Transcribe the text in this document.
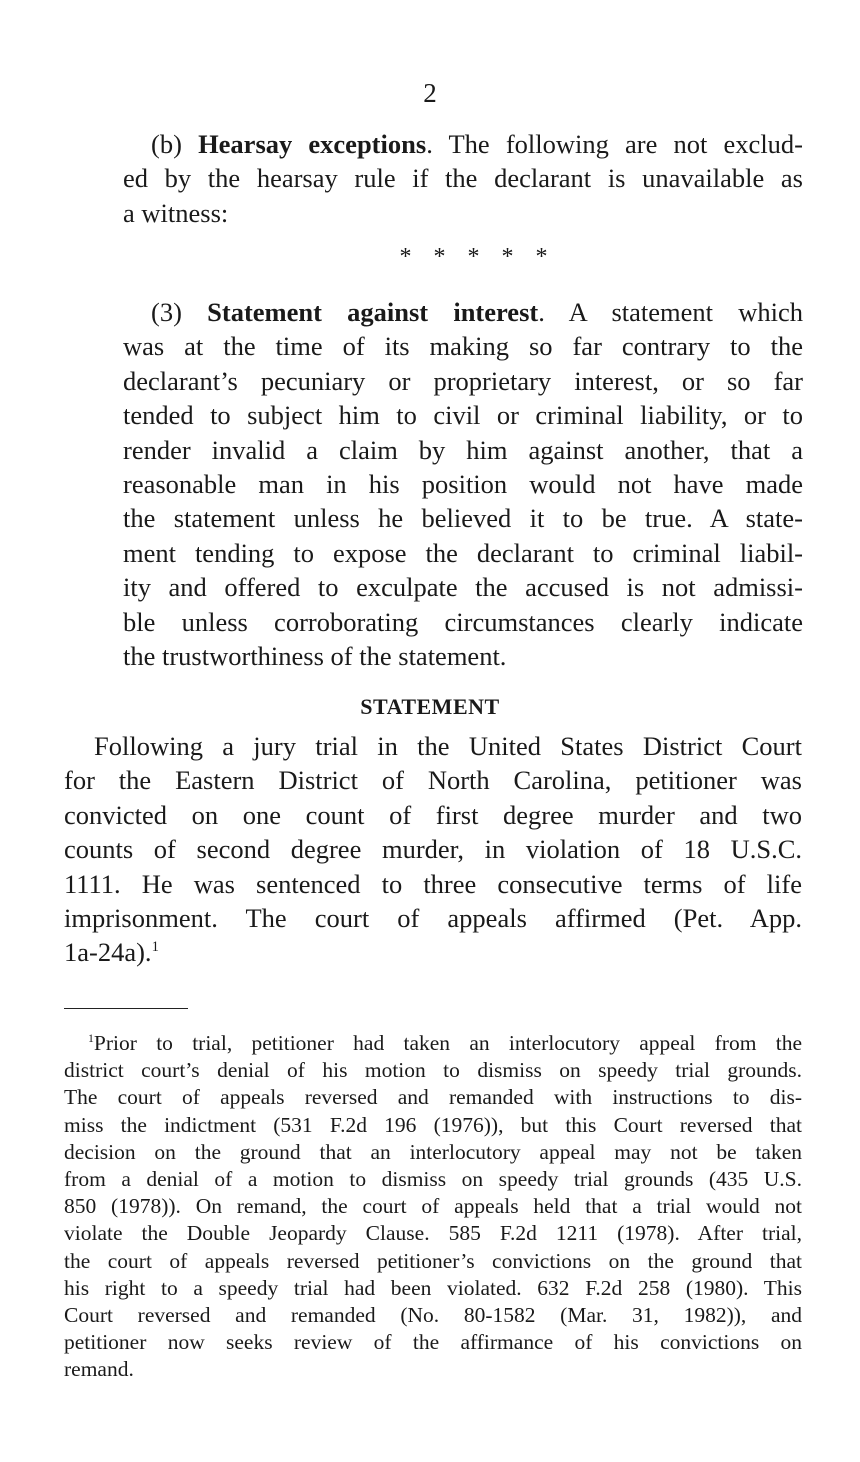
2

(b) Hearsay exceptions. The following are not exclud-
ed by the hearsay rule if the declarant is unavailable as
a witness:

* * * * *

(3) Statement against interest. A statement which
was at the time of its making so far contrary to the
declarant’s pecuniary or proprietary interest, or so far
tended to subject him to civil or criminal liability, or to
render invalid a claim by him against another, that a
reasonable man in his position would not have made
the statement unless he believed it to be true. A state-
ment tending to expose the declarant to criminal liabil-
ity and offered to exculpate the accused is not admissi-
ble unless corroborating circumstances clearly indicate
the trustworthiness of the statement.

STATEMENT

Following a jury trial in the United States District Court
for the Eastern District of North Carolina, petitioner was
convicted on one count of first degree murder and two
counts of second degree murder, in violation of 18 U.S.C.
1111. He was sentenced to three consecutive terms of life
imprisonment. The court of appeals affirmed (Pet. App.
1a-24a).$^1$

$^1$Prior to trial, petitioner had taken an interlocutory appeal from the
district court’s denial of his motion to dismiss on speedy trial grounds.
The court of appeals reversed and remanded with instructions to dis-
miss the indictment (531 F.2d 196 (1976)), but this Court reversed that
decision on the ground that an interlocutory appeal may not be taken
from a denial of a motion to dismiss on speedy trial grounds (435 U.S.
850 (1978)). On remand, the court of appeals held that a trial would not
violate the Double Jeopardy Clause. 585 F.2d 1211 (1978). After trial,
the court of appeals reversed petitioner’s convictions on the ground that
his right to a speedy trial had been violated. 632 F.2d 258 (1980). This
Court reversed and remanded (No. 80-1582 (Mar. 31, 1982)), and
petitioner now seeks review of the affirmance of his convictions on
remand.
